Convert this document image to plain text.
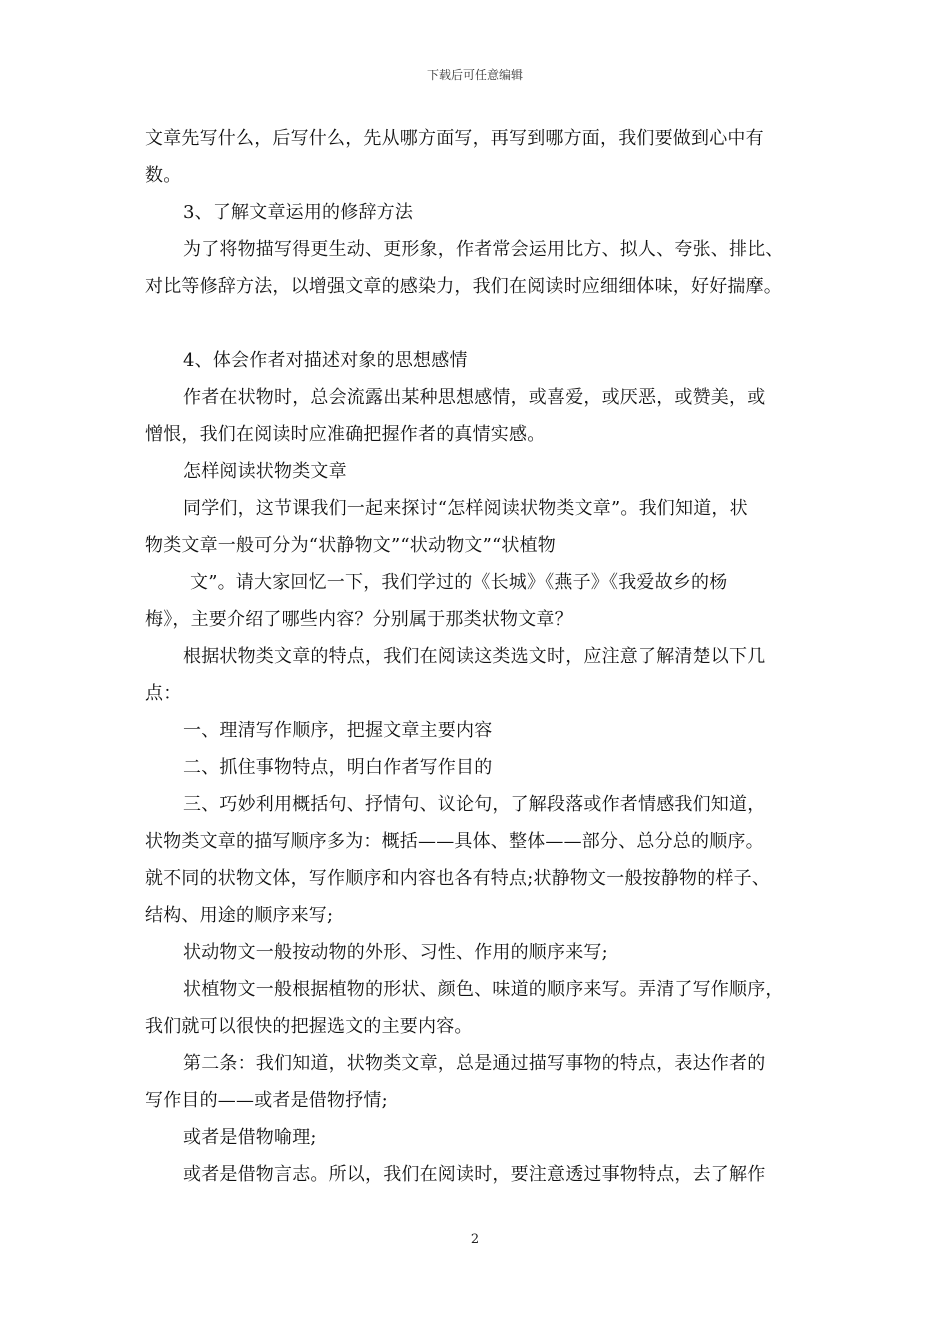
下载后可任意编辑
文章先写什么，后写什么，先从哪方面写，再写到哪方面，我们要做到心中有
数。
3、了解文章运用的修辞方法
为了将物描写得更生动、更形象，作者常会运用比方、拟人、夸张、排比、
对比等修辞方法，以增强文章的感染力，我们在阅读时应细细体味，好好揣摩。
4、体会作者对描述对象的思想感情
作者在状物时，总会流露出某种思想感情，或喜爱，或厌恶，或赞美，或
憎恨，我们在阅读时应准确把握作者的真情实感。
怎样阅读状物类文章
同学们，这节课我们一起来探讨“怎样阅读状物类文章”。我们知道，状
物类文章一般可分为“状静物文”“状动物文”“状植物
文”。请大家回忆一下，我们学过的《长城》《燕子》《我爱故乡的杨
梅》，主要介绍了哪些内容？分别属于那类状物文章？
根据状物类文章的特点，我们在阅读这类选文时，应注意了解清楚以下几
点：
一、理清写作顺序，把握文章主要内容
二、抓住事物特点，明白作者写作目的
三、巧妙利用概括句、抒情句、议论句，了解段落或作者情感我们知道，
状物类文章的描写顺序多为：概括——具体、整体——部分、总分总的顺序。
就不同的状物文体，写作顺序和内容也各有特点;状静物文一般按静物的样子、
结构、用途的顺序来写;
状动物文一般按动物的外形、习性、作用的顺序来写;
状植物文一般根据植物的形状、颜色、味道的顺序来写。弄清了写作顺序，
我们就可以很快的把握选文的主要内容。
第二条：我们知道，状物类文章，总是通过描写事物的特点，表达作者的
写作目的——或者是借物抒情;
或者是借物喻理;
或者是借物言志。所以，我们在阅读时，要注意透过事物特点，去了解作
2
